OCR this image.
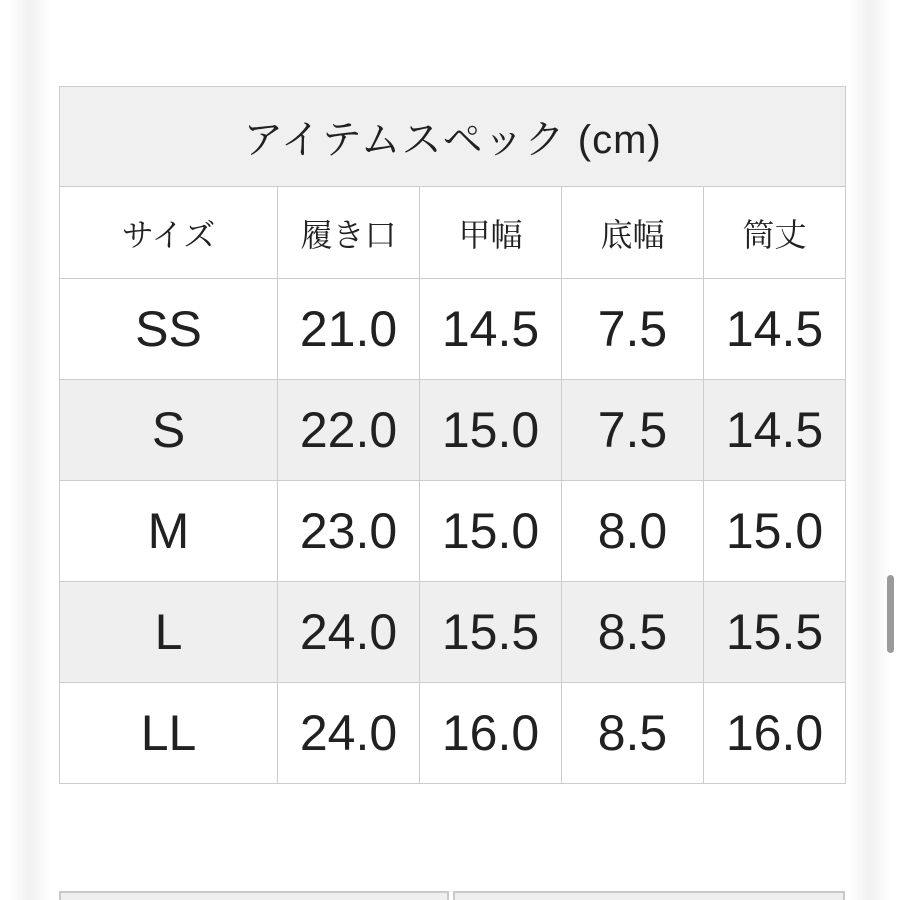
アイテムスペック (cm)				
サイズ	履き口	甲幅	底幅	筒丈
SS	21.0	14.5	7.5	14.5
S	22.0	15.0	7.5	14.5
M	23.0	15.0	8.0	15.0
L	24.0	15.5	8.5	15.5
LL	24.0	16.0	8.5	16.0
